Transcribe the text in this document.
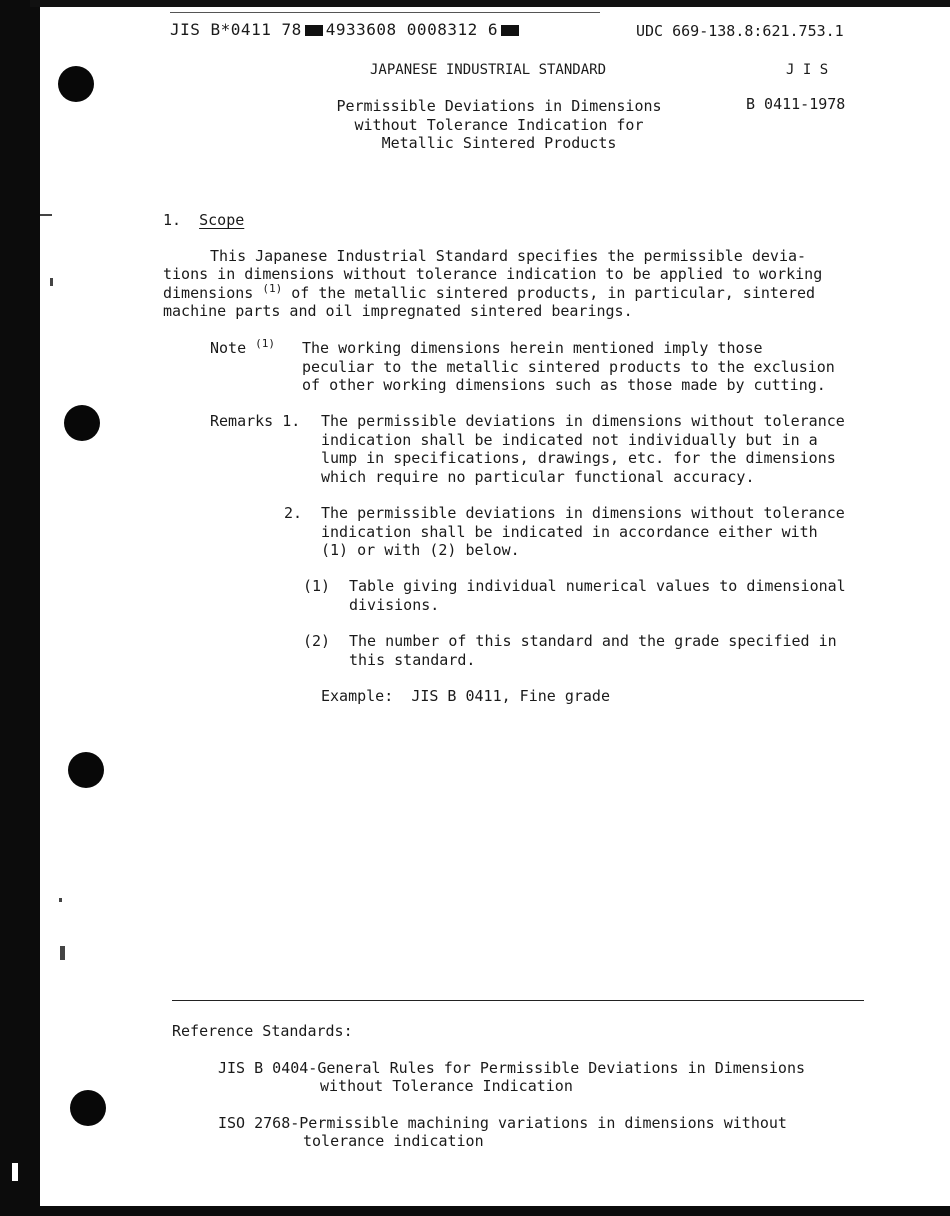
JIS B*0411 78 4933608 0008312 6	UDC 669-138.8:621.753.1
JAPANESE INDUSTRIAL STANDARD	J I S
Permissible Deviations in Dimensions
without Tolerance Indication for
Metallic Sintered Products
B 0411-1978
1. Scope
This Japanese Industrial Standard specifies the permissible devia-
tions in dimensions without tolerance indication to be applied to working
dimensions $^{(1)}$ of the metallic sintered products, in particular, sintered
machine parts and oil impregnated sintered bearings.
Note $^{(1)}$ The working dimensions herein mentioned imply those
peculiar to the metallic sintered products to the exclusion
of other working dimensions such as those made by cutting.
Remarks 1. The permissible deviations in dimensions without tolerance
indication shall be indicated not individually but in a
lump in specifications, drawings, etc. for the dimensions
which require no particular functional accuracy.
2. The permissible deviations in dimensions without tolerance
indication shall be indicated in accordance either with
(1) or with (2) below.
(1) Table giving individual numerical values to dimensional
divisions.
(2) The number of this standard and the grade specified in
this standard.
Example: JIS B 0411, Fine grade
Reference Standards:
JIS B 0404-General Rules for Permissible Deviations in Dimensions
without Tolerance Indication
ISO 2768-Permissible machining variations in dimensions without
tolerance indication
